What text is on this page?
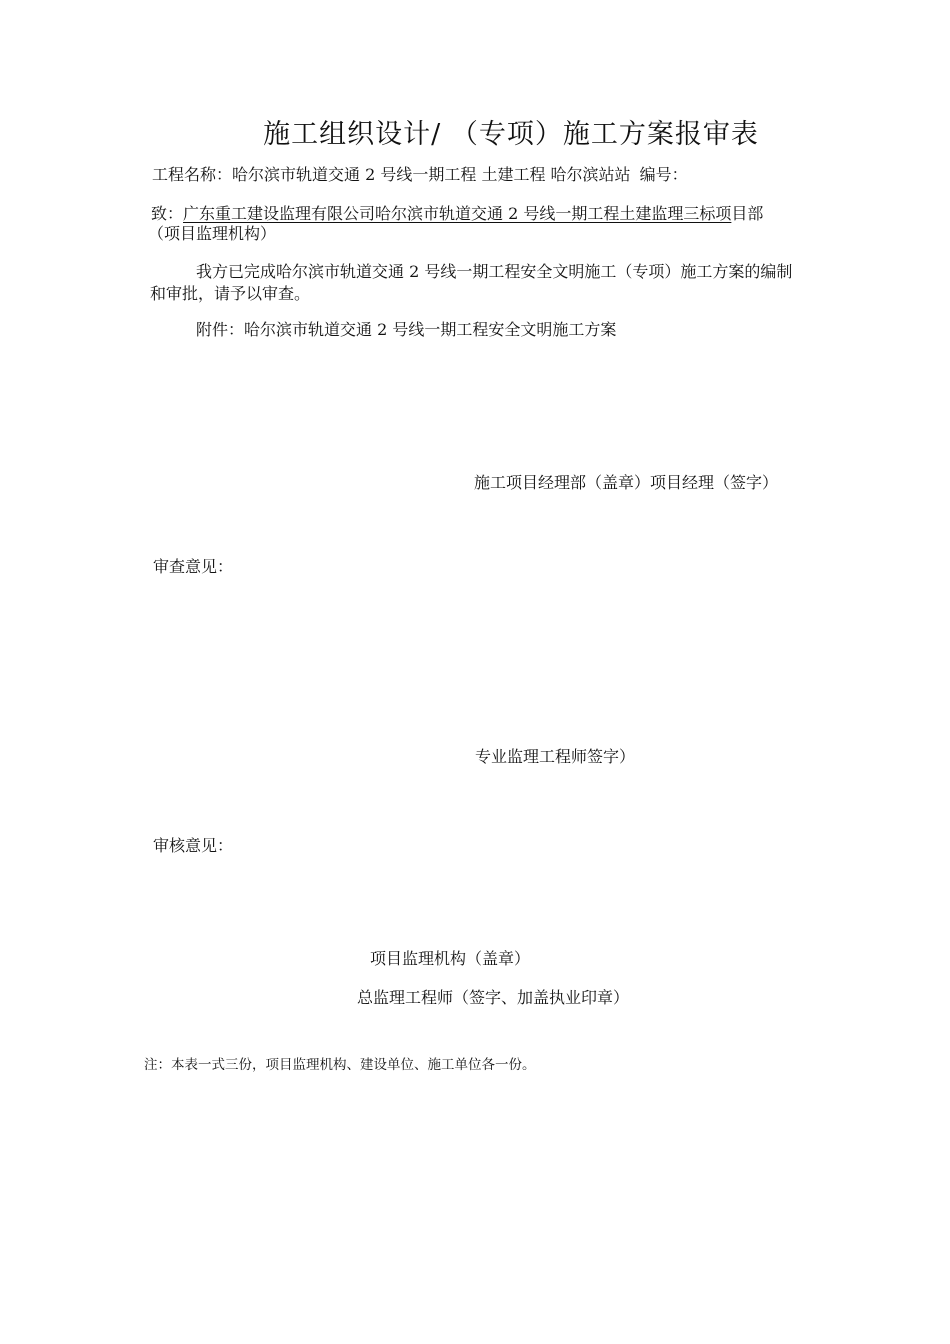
施工组织设计/ （专项）施工方案报审表
工程名称：哈尔滨市轨道交通 2 号线一期工程 土建工程 哈尔滨站站 编号：
致：广东重工建设监理有限公司哈尔滨市轨道交通 2 号线一期工程土建监理三标项目部
（项目监理机构）
我方已完成哈尔滨市轨道交通 2 号线一期工程安全文明施工（专项）施工方案的编制
和审批，请予以审查。
附件：哈尔滨市轨道交通 2 号线一期工程安全文明施工方案
施工项目经理部（盖章）项目经理（签字）
审查意见：
专业监理工程师签字）
审核意见：
项目监理机构（盖章）
总监理工程师（签字、加盖执业印章）
注：本表一式三份，项目监理机构、建设单位、施工单位各一份。
